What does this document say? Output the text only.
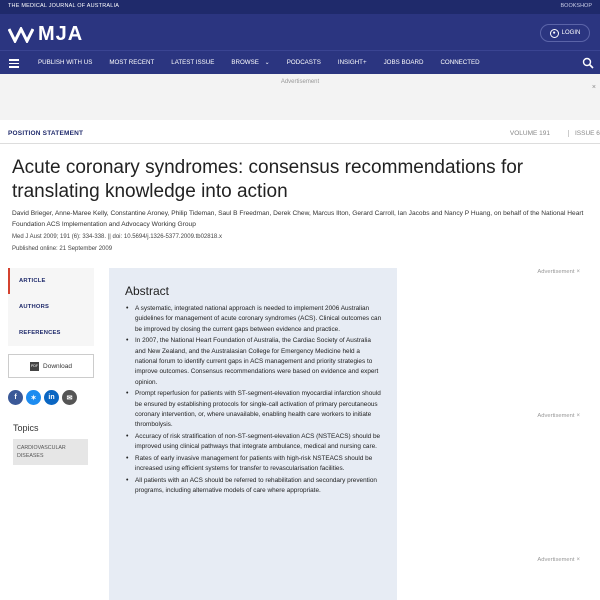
THE MEDICAL JOURNAL OF AUSTRALIA	BOOKSHOP
MJA	● LOGIN
PUBLISH WITH US	MOST RECENT	LATEST ISSUE	BROWSE ⌄	PODCASTS	INSIGHT+	JOBS BOARD	CONNECTED
Advertisement
×
POSITION STATEMENT	VOLUME 191	ISSUE 6
Acute coronary syndromes: consensus recommendations for translating knowledge into action
David Brieger, Anne-Maree Kelly, Constantine Aroney, Philip Tideman, Saul B Freedman, Derek Chew, Marcus Ilton, Gerard Carroll, Ian Jacobs and Nancy P Huang, on behalf of the National Heart Foundation ACS Implementation and Advocacy Working Group
Med J Aust 2009; 191 (6): 334-338. || doi: 10.5694/j.1326-5377.2009.tb02818.x
Published online: 21 September 2009
ARTICLE
AUTHORS
REFERENCES
PDF Download
f	✶	in	✉
Topics
CARDIOVASCULAR DISEASES
Abstract
• A systematic, integrated national approach is needed to implement 2006 Australian guidelines for management of acute coronary syndromes (ACS). Clinical outcomes can be improved by closing the current gaps between evidence and practice.
• In 2007, the National Heart Foundation of Australia, the Cardiac Society of Australia and New Zealand, and the Australasian College for Emergency Medicine held a national forum to identify current gaps in ACS management and priority strategies to improve outcomes. Consensus recommendations were based on evidence and expert opinion.
• Prompt reperfusion for patients with ST-segment-elevation myocardial infarction should be ensured by establishing protocols for single-call activation of primary percutaneous coronary intervention, or, where unavailable, enabling health care workers to initiate thrombolysis.
• Accuracy of risk stratification of non-ST-segment-elevation ACS (NSTEACS) should be improved using clinical pathways that integrate ambulance, medical and nursing care.
• Rates of early invasive management for patients with high-risk NSTEACS should be increased using efficient systems for transfer to revascularisation facilities.
• All patients with an ACS should be referred to rehabilitation and secondary prevention programs, including alternative models of care where appropriate.
Advertisement ×
Advertisement ×
Advertisement ×
